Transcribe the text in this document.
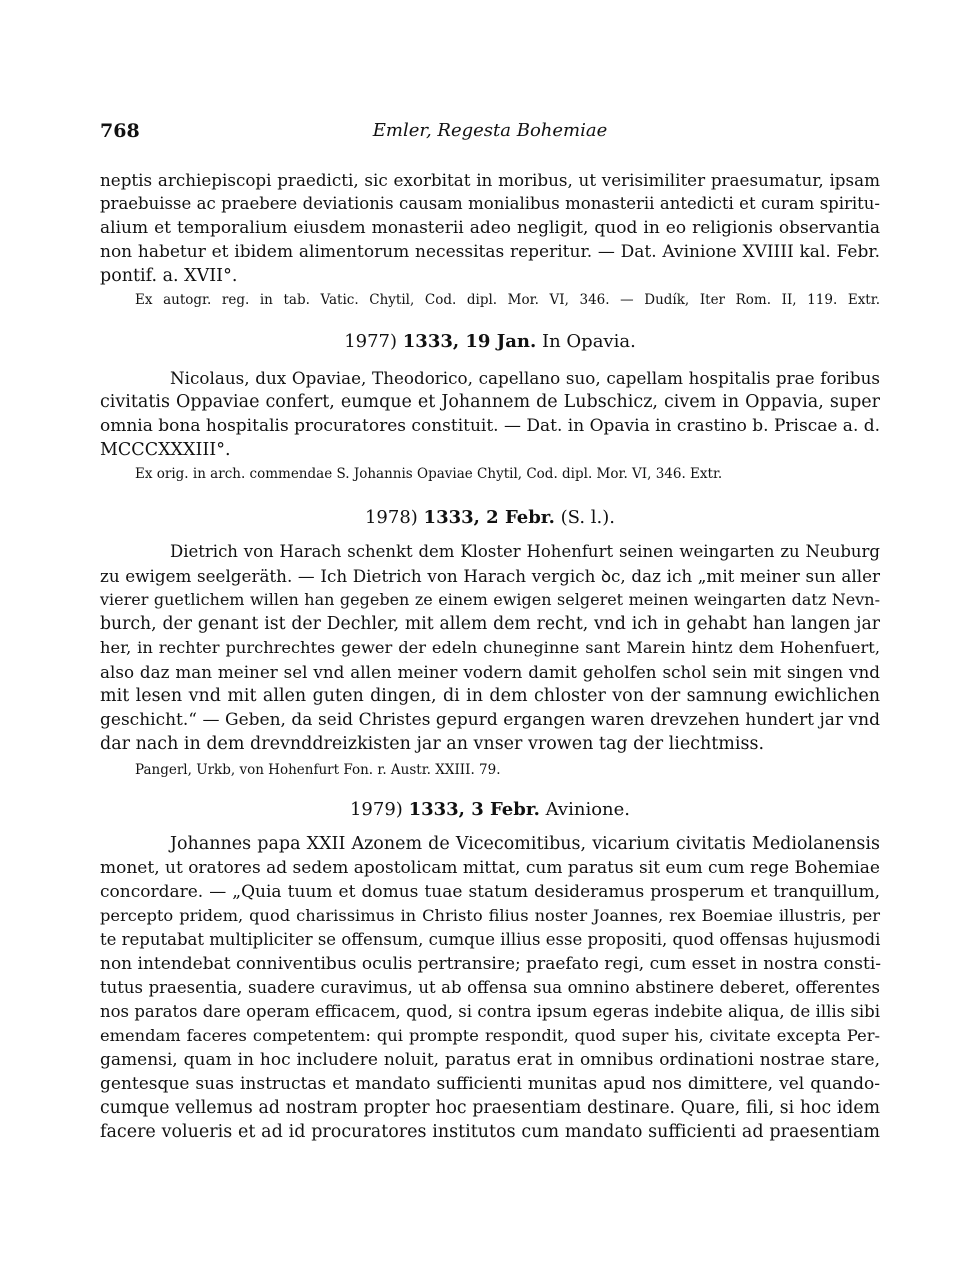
768	Emler, Regesta Bohemiae
neptis archiepiscopi praedicti, sic exorbitat in moribus, ut verisimiliter praesumatur, ipsam
praebuisse ac praebere deviationis causam monialibus monasterii antedicti et curam spiritu-
alium et temporalium eiusdem monasterii adeo negligit, quod in eo religionis observantia
non habetur et ibidem alimentorum necessitas reperitur. — Dat. Avinione XVIIII kal. Febr.
pontif. a. XVII°.
Ex autogr. reg. in tab. Vatic. Chytil, Cod. dipl. Mor. VI, 346. — Dudík, Iter Rom. II, 119. Extr.
1977) 1333, 19 Jan. In Opavia.
Nicolaus, dux Opaviae, Theodorico, capellano suo, capellam hospitalis prae foribus
civitatis Oppaviae confert, eumque et Johannem de Lubschicz, civem in Oppavia, super
omnia bona hospitalis procuratores constituit. — Dat. in Opavia in crastino b. Priscae a. d.
MCCCXXXIII°.
Ex orig. in arch. commendae S. Johannis Opaviae Chytil, Cod. dipl. Mor. VI, 346. Extr.
1978) 1333, 2 Febr. (S. l.).
Dietrich von Harach schenkt dem Kloster Hohenfurt seinen weingarten zu Neuburg
zu ewigem seelgeräth. — Ich Dietrich von Harach vergich ꝺc, daz ich „mit meiner sun aller
vierer guetlichem willen han gegeben ze einem ewigen selgeret meinen weingarten datz Nevn-
burch, der genant ist der Dechler, mit allem dem recht, vnd ich in gehabt han langen jar
her, in rechter purchrechtes gewer der edeln chuneginne sant Marein hintz dem Hohenfuert,
also daz man meiner sel vnd allen meiner vodern damit geholfen schol sein mit singen vnd
mit lesen vnd mit allen guten dingen, di in dem chloster von der samnung ewichlichen
geschicht.“ — Geben, da seid Christes gepurd ergangen waren drevzehen hundert jar vnd
dar nach in dem drevnddreizkisten jar an vnser vrowen tag der liechtmiss.
Pangerl, Urkb, von Hohenfurt Fon. r. Austr. XXIII. 79.
1979) 1333, 3 Febr. Avinione.
Johannes papa XXII Azonem de Vicecomitibus, vicarium civitatis Mediolanensis
monet, ut oratores ad sedem apostolicam mittat, cum paratus sit eum cum rege Bohemiae
concordare. — „Quia tuum et domus tuae statum desideramus prosperum et tranquillum,
percepto pridem, quod charissimus in Christo filius noster Joannes, rex Boemiae illustris, per
te reputabat multipliciter se offensum, cumque illius esse propositi, quod offensas hujusmodi
non intendebat conniventibus oculis pertransire; praefato regi, cum esset in nostra consti-
tutus praesentia, suadere curavimus, ut ab offensa sua omnino abstinere deberet, offerentes
nos paratos dare operam efficacem, quod, si contra ipsum egeras indebite aliqua, de illis sibi
emendam faceres competentem: qui prompte respondit, quod super his, civitate excepta Per-
gamensi, quam in hoc includere noluit, paratus erat in omnibus ordinationi nostrae stare,
gentesque suas instructas et mandato sufficienti munitas apud nos dimittere, vel quando-
cumque vellemus ad nostram propter hoc praesentiam destinare. Quare, fili, si hoc idem
facere volueris et ad id procuratores institutos cum mandato sufficienti ad praesentiam
